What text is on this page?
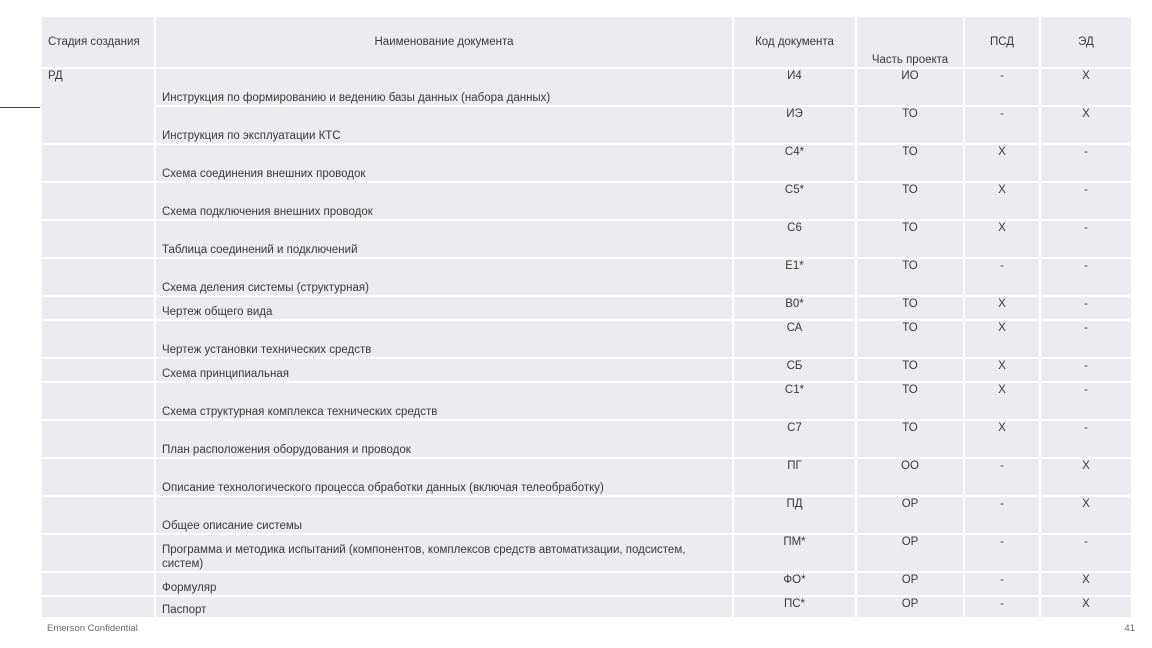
Стадия создания	Наименование документа	Код документа	Часть проекта	ПСД	ЭД
РД	Инструкция по формированию и ведению базы данных (набора данных)	И4	ИО	-	Х
	Инструкция по эксплуатации КТС	ИЭ	ТО	-	Х
	Схема соединения внешних проводок	С4*	ТО	Х	-
	Схема подключения внешних проводок	С5*	ТО	Х	-
	Таблица соединений и подключений	С6	ТО	Х	-
	Схема деления системы (структурная)	Е1*	ТО	-	-
	Чертеж общего вида	В0*	ТО	Х	-
	Чертеж установки технических средств	СА	ТО	Х	-
	Схема принципиальная	СБ	ТО	Х	-
	Схема структурная комплекса технических средств	С1*	ТО	Х	-
	План расположения оборудования и проводок	С7	ТО	Х	-
	Описание технологического процесса обработки данных (включая телеобработку)	ПГ	ОО	-	Х
	Общее описание системы	ПД	ОР	-	Х
	Программа и методика испытаний (компонентов, комплексов средств автоматизации, подсистем, систем)	ПМ*	ОР	-	-
	Формуляр	ФО*	ОР	-	Х
	Паспорт	ПС*	ОР	-	Х
Emerson Confidential	41
